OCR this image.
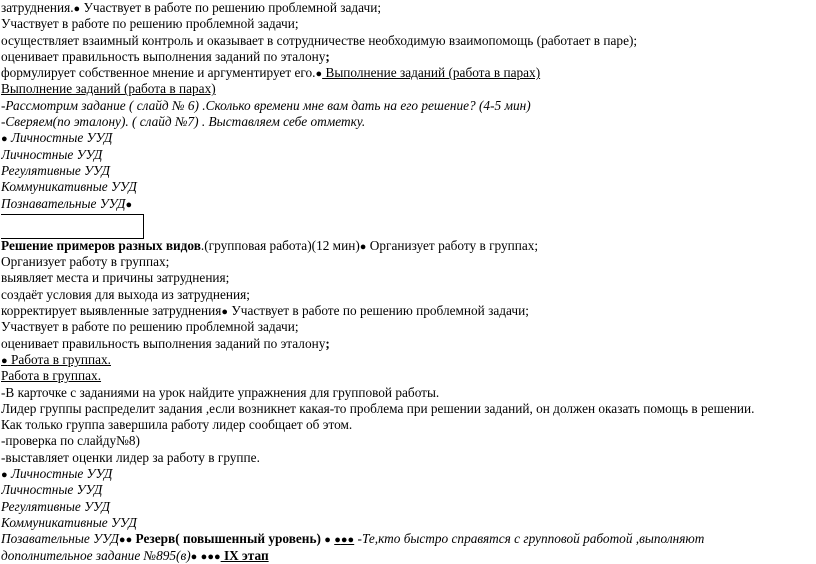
затруднения.● Участвует в работе по решению проблемной задачи;
Участвует в работе по решению проблемной задачи;
осуществляет взаимный контроль и оказывает в сотрудничестве необходимую взаимопомощь (работает в паре);
оценивает правильность выполнения заданий по эталону;
формулирует собственное мнение и аргументирует его.● Выполнение заданий (работа в парах)
Выполнение заданий (работа в парах)
-Рассмотрим задание ( слайд № 6) .Сколько времени мне вам дать на его решение? (4-5 мин)
-Сверяем(по эталону). ( слайд №7) . Выставляем себе отметку.
● Личностные УУД
Личностные УУД
Регулятивные УУД
Коммуникативные УУД
Познавательные УУД●
Решение примеров разных видов.(групповая работа)(12 мин)● Организует работу в группах;
Организует работу в группах;
выявляет места и причины затруднения;
создаёт условия для выхода из затруднения;
корректирует выявленные затруднения● Участвует в работе по решению проблемной задачи;
Участвует в работе по решению проблемной задачи;
оценивает правильность выполнения заданий по эталону;
● Работа в группах.
Работа в группах.
-В карточке с заданиями на урок найдите упражнения для групповой работы.
Лидер группы распределит задания ,если возникнет какая-то проблема при решении заданий, он должен оказать помощь в решении.
Как только группа завершила работу лидер сообщает об этом.
-проверка по слайду№8)
-выставляет оценки лидер за работу в группе.
● Личностные УУД
Личностные УУД
Регулятивные УУД
Коммуникативные УУД
Позавательные УУД●● Резерв( повышенный уровень) ● ●●● -Те,кто быстро справятся с групповой работой ,выполняют
дополнительное задание №895(в)● ●●● IX этап
